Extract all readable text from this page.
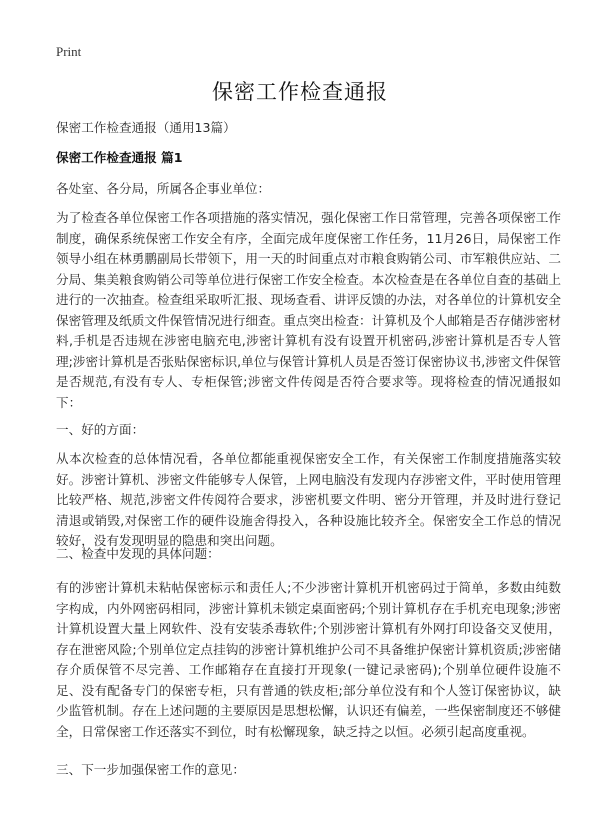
Print
保密工作检查通报
保密工作检查通报（通用13篇）
保密工作检查通报 篇1
各处室、各分局，所属各企事业单位：
为了检查各单位保密工作各项措施的落实情况，强化保密工作日常管理，完善各项保密工作制度，确保系统保密工作安全有序，全面完成年度保密工作任务，11月26日，局保密工作领导小组在林勇鹏副局长带领下，用一天的时间重点对市粮食购销公司、市军粮供应站、二分局、集美粮食购销公司等单位进行保密工作安全检查。本次检查是在各单位自查的基础上进行的一次抽查。检查组采取听汇报、现场查看、讲评反馈的办法，对各单位的计算机安全保密管理及纸质文件保管情况进行细查。重点突出检查：计算机及个人邮箱是否存储涉密材料,手机是否违规在涉密电脑充电,涉密计算机有没有设置开机密码,涉密计算机是否专人管理;涉密计算机是否张贴保密标识,单位与保管计算机人员是否签订保密协议书,涉密文件保管是否规范,有没有专人、专柜保管;涉密文件传阅是否符合要求等。现将检查的情况通报如下：
一、好的方面：
从本次检查的总体情况看，各单位都能重视保密安全工作，有关保密工作制度措施落实较好。涉密计算机、涉密文件能够专人保管，上网电脑没有发现内存涉密文件，平时使用管理比较严格、规范,涉密文件传阅符合要求，涉密机要文件明、密分开管理，并及时进行登记清退或销毁,对保密工作的硬件设施舍得投入，各种设施比较齐全。保密安全工作总的情况较好，没有发现明显的隐患和突出问题。
二、检查中发现的具体问题：
有的涉密计算机未粘帖保密标示和责任人;不少涉密计算机开机密码过于简单，多数由纯数字构成，内外网密码相同，涉密计算机未锁定桌面密码;个别计算机存在手机充电现象;涉密计算机设置大量上网软件、没有安装杀毒软件;个别涉密计算机有外网打印设备交叉使用，存在泄密风险;个别单位定点挂钩的涉密计算机维护公司不具备维护保密计算机资质;涉密储存介质保管不尽完善、工作邮箱存在直接打开现象(一键记录密码);个别单位硬件设施不足、没有配备专门的保密专柜，只有普通的铁皮柜;部分单位没有和个人签订保密协议，缺少监管机制。存在上述问题的主要原因是思想松懈，认识还有偏差，一些保密制度还不够健全，日常保密工作还落实不到位，时有松懈现象，缺乏持之以恒。必须引起高度重视。
三、下一步加强保密工作的意见：
